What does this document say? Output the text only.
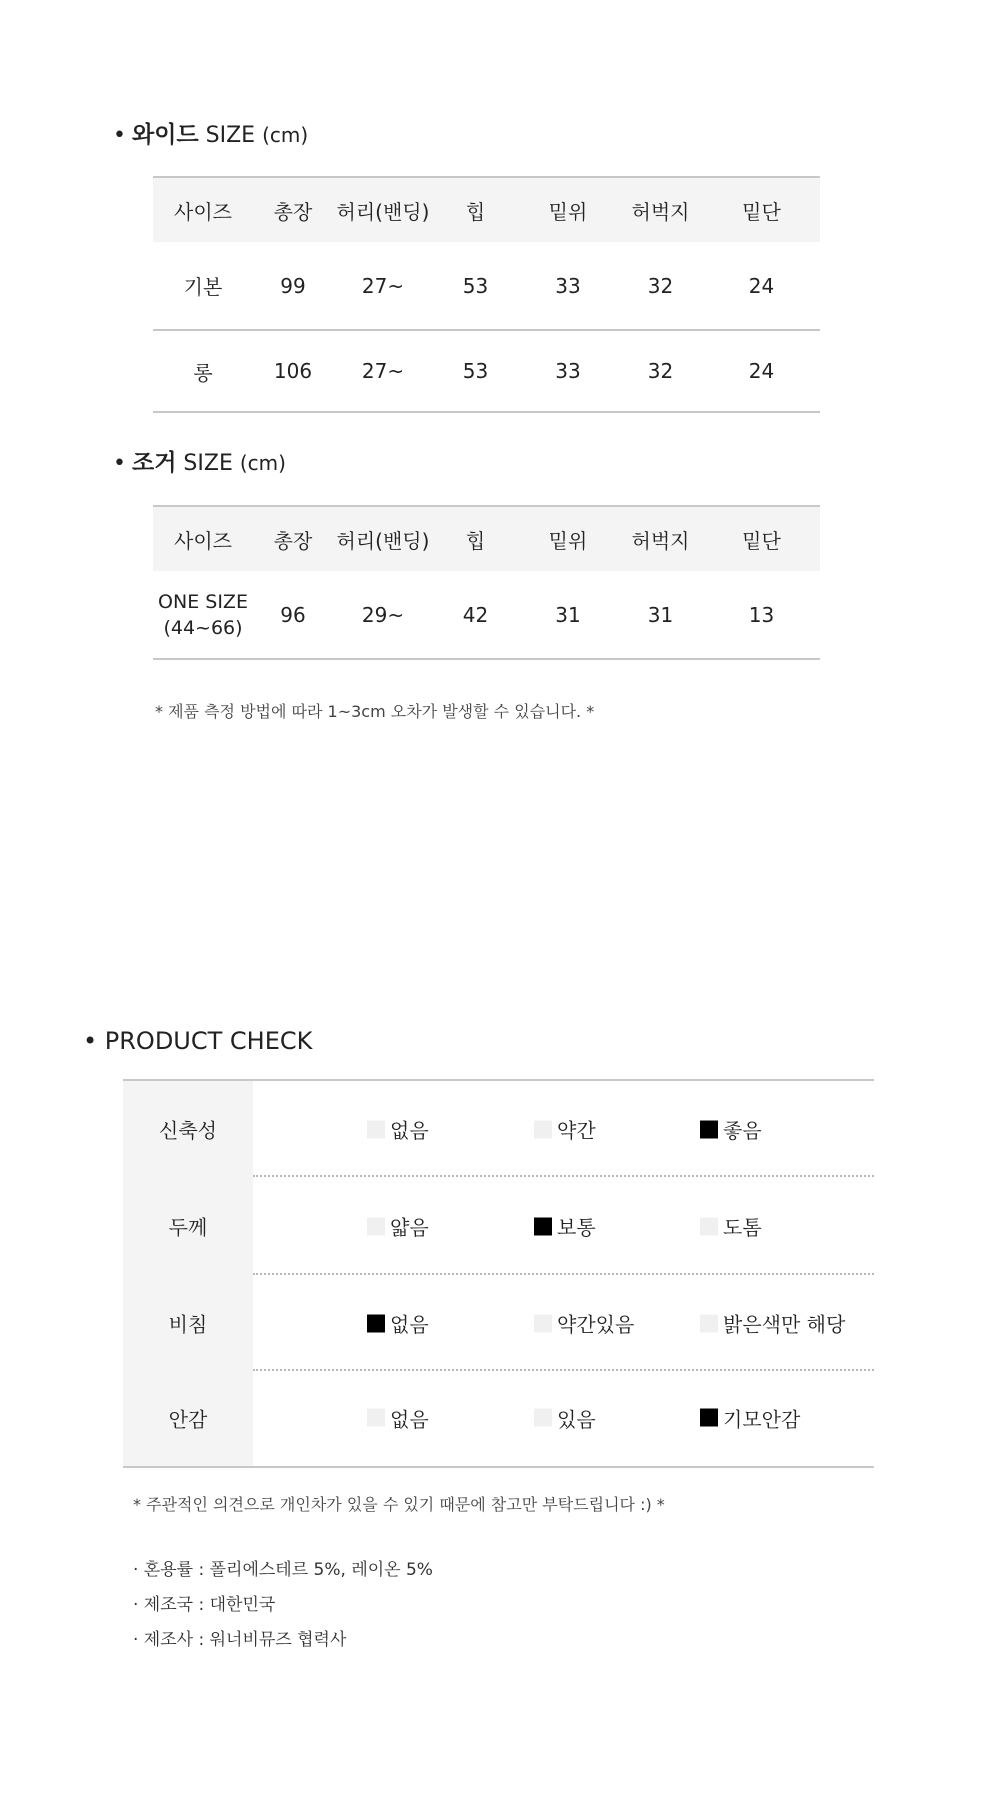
• 와이드 SIZE (cm)
사이즈	총장	허리(밴딩)	힙	밑위	허벅지	밑단
기본	99	27~	53	33	32	24
롱	106	27~	53	33	32	24
• 조거 SIZE (cm)
사이즈	총장	허리(밴딩)	힙	밑위	허벅지	밑단

ONE SIZE
(44~66)	96	29~	42	31	31	13
* 제품 측정 방법에 따라 1~3cm 오차가 발생할 수 있습니다. *
• PRODUCT CHECK
신축성	없음	약간	좋음
두께	얇음	보통	도톰
비침	없음	약간있음	밝은색만 해당
안감	없음	있음	기모안감
* 주관적인 의견으로 개인차가 있을 수 있기 때문에 참고만 부탁드립니다 :) *
· 혼용률 : 폴리에스테르 5%, 레이온 5%
· 제조국 : 대한민국
· 제조사 : 워너비뮤즈 협력사
